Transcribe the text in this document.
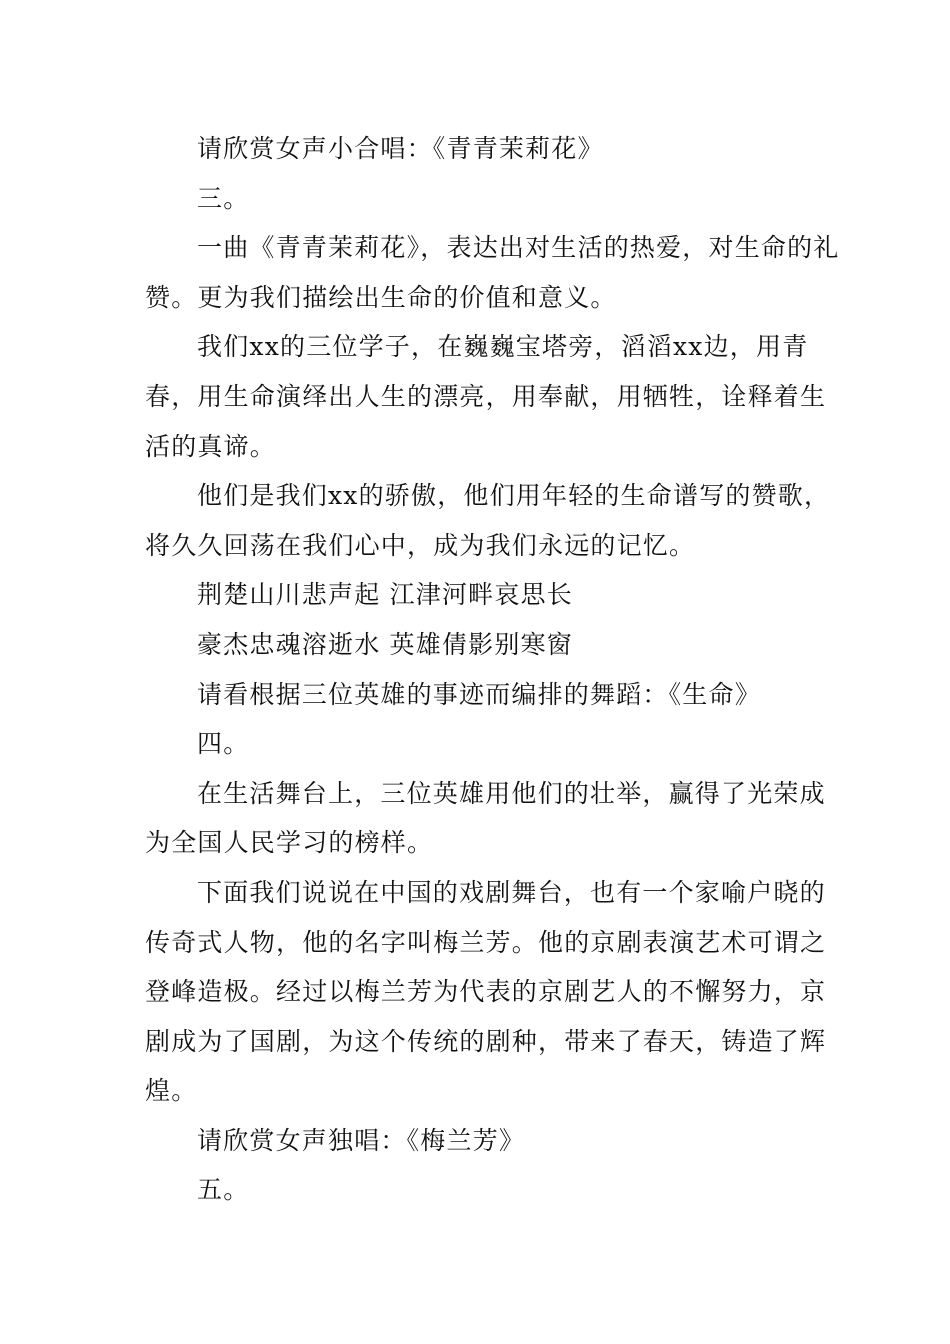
请欣赏女声小合唱：《青青茉莉花》

三。

一曲《青青茉莉花》，表达出对生活的热爱，对生命的礼赞。更为我们描绘出生命的价值和意义。

我们xx的三位学子，在巍巍宝塔旁，滔滔xx边，用青春，用生命演绎出人生的漂亮，用奉献，用牺牲，诠释着生活的真谛。

他们是我们xx的骄傲，他们用年轻的生命谱写的赞歌，将久久回荡在我们心中，成为我们永远的记忆。

荆楚山川悲声起 江津河畔哀思长

豪杰忠魂溶逝水 英雄倩影别寒窗

请看根据三位英雄的事迹而编排的舞蹈：《生命》

四。

在生活舞台上，三位英雄用他们的壮举，赢得了光荣成为全国人民学习的榜样。

下面我们说说在中国的戏剧舞台，也有一个家喻户晓的传奇式人物，他的名字叫梅兰芳。他的京剧表演艺术可谓之登峰造极。经过以梅兰芳为代表的京剧艺人的不懈努力，京剧成为了国剧，为这个传统的剧种，带来了春天，铸造了辉煌。

请欣赏女声独唱：《梅兰芳》

五。
